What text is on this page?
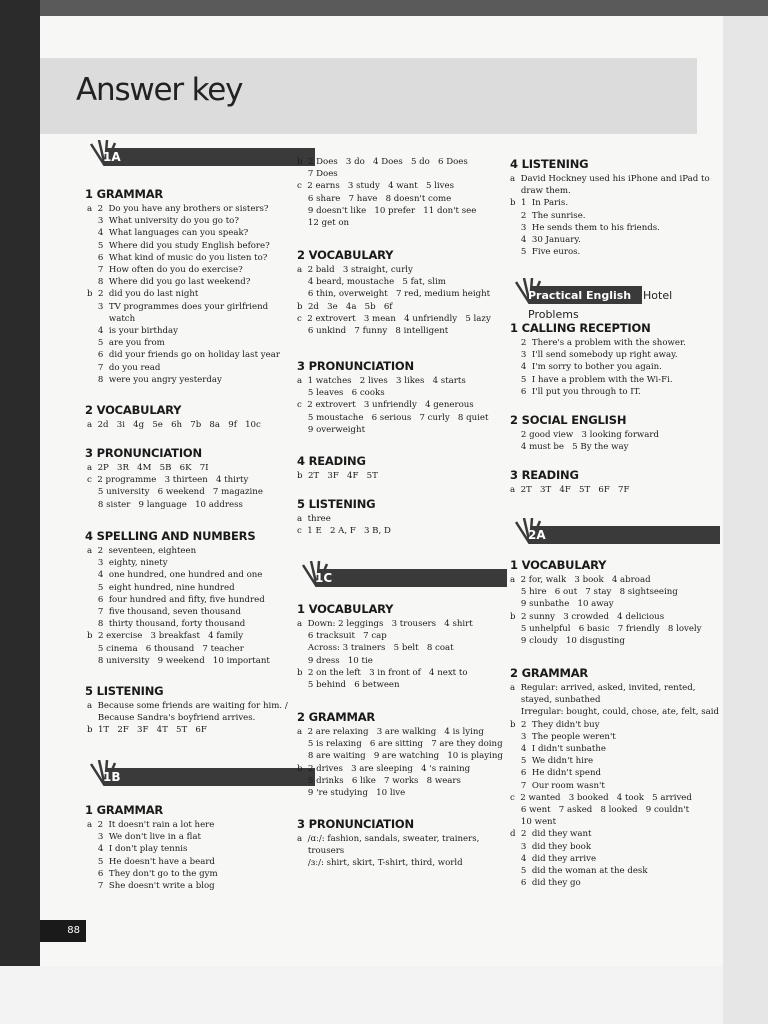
Answer key
1A
1 GRAMMAR
a  2  Do you have any brothers or sisters?
3  What university do you go to?
4  What languages can you speak?
5  Where did you study English before?
6  What kind of music do you listen to?
7  How often do you do exercise?
8  Where did you go last weekend?
b  2  did you do last night
3  TV programmes does your girlfriend
watch
4  is your birthday
5  are you from
6  did your friends go on holiday last year
7  do you read
8  were you angry yesterday
2 VOCABULARY
a  2d   3i   4g   5e   6h   7b   8a   9f   10c
3 PRONUNCIATION
a  2P   3R   4M   5B   6K   7I
c  2 programme   3 thirteen   4 thirty
5 university   6 weekend   7 magazine
8 sister   9 language   10 address
4 SPELLING AND NUMBERS
a  2  seventeen, eighteen
3  eighty, ninety
4  one hundred, one hundred and one
5  eight hundred, nine hundred
6  four hundred and fifty, five hundred
7  five thousand, seven thousand
8  thirty thousand, forty thousand
b  2 exercise   3 breakfast   4 family
5 cinema   6 thousand   7 teacher
8 university   9 weekend   10 important
5 LISTENING
a  Because some friends are waiting for him. /
Because Sandra's boyfriend arrives.
b  1T   2F   3F   4T   5T   6F
1B
1 GRAMMAR
a  2  It doesn't rain a lot here
3  We don't live in a flat
4  I don't play tennis
5  He doesn't have a beard
6  They don't go to the gym
7  She doesn't write a blog
b  2 Does   3 do   4 Does   5 do   6 Does
7 Does
c  2 earns   3 study   4 want   5 lives
6 share   7 have   8 doesn't come
9 doesn't like   10 prefer   11 don't see
12 get on
2 VOCABULARY
a  2 bald   3 straight, curly
4 beard, moustache   5 fat, slim
6 thin, overweight   7 red, medium height
b  2d   3e   4a   5b   6f
c  2 extrovert   3 mean   4 unfriendly   5 lazy
6 unkind   7 funny   8 intelligent
3 PRONUNCIATION
a  1 watches   2 lives   3 likes   4 starts
5 leaves   6 cooks
c  2 extrovert   3 unfriendly   4 generous
5 moustache   6 serious   7 curly   8 quiet
9 overweight
4 READING
b  2T   3F   4F   5T
5 LISTENING
a  three
c  1 E   2 A, F   3 B, D
1C
1 VOCABULARY
a  Down: 2 leggings   3 trousers   4 shirt
6 tracksuit   7 cap
Across: 3 trainers   5 belt   8 coat
9 dress   10 tie
b  2 on the left   3 in front of   4 next to
5 behind   6 between
2 GRAMMAR
a  2 are relaxing   3 are walking   4 is lying
5 is relaxing   6 are sitting   7 are they doing
8 are waiting   9 are watching   10 is playing
b  2 drives   3 are sleeping   4 's raining
5 drinks   6 like   7 works   8 wears
9 're studying   10 live
3 PRONUNCIATION
a  /ɑː/: fashion, sandals, sweater, trainers,
trousers
/ɜː/: shirt, skirt, T-shirt, third, world
4 LISTENING
a  David Hockney used his iPhone and iPad to
draw them.
b  1  In Paris.
2  The sunrise.
3  He sends them to his friends.
4  30 January.
5  Five euros.
Practical English Hotel Problems
1 CALLING RECEPTION
2  There's a problem with the shower.
3  I'll send somebody up right away.
4  I'm sorry to bother you again.
5  I have a problem with the Wi-Fi.
6  I'll put you through to IT.
2 SOCIAL ENGLISH
2 good view   3 looking forward
4 must be   5 By the way
3 READING
a  2T   3T   4F   5T   6F   7F
2A
1 VOCABULARY
a  2 for, walk   3 book   4 abroad
5 hire   6 out   7 stay   8 sightseeing
9 sunbathe   10 away
b  2 sunny   3 crowded   4 delicious
5 unhelpful   6 basic   7 friendly   8 lovely
9 cloudy   10 disgusting
2 GRAMMAR
a  Regular: arrived, asked, invited, rented,
stayed, sunbathed
Irregular: bought, could, chose, ate, felt, said
b  2  They didn't buy
3  The people weren't
4  I didn't sunbathe
5  We didn't hire
6  He didn't spend
7  Our room wasn't
c  2 wanted   3 booked   4 took   5 arrived
6 went   7 asked   8 looked   9 couldn't
10 went
d  2  did they want
3  did they book
4  did they arrive
5  did the woman at the desk
6  did they go
88
